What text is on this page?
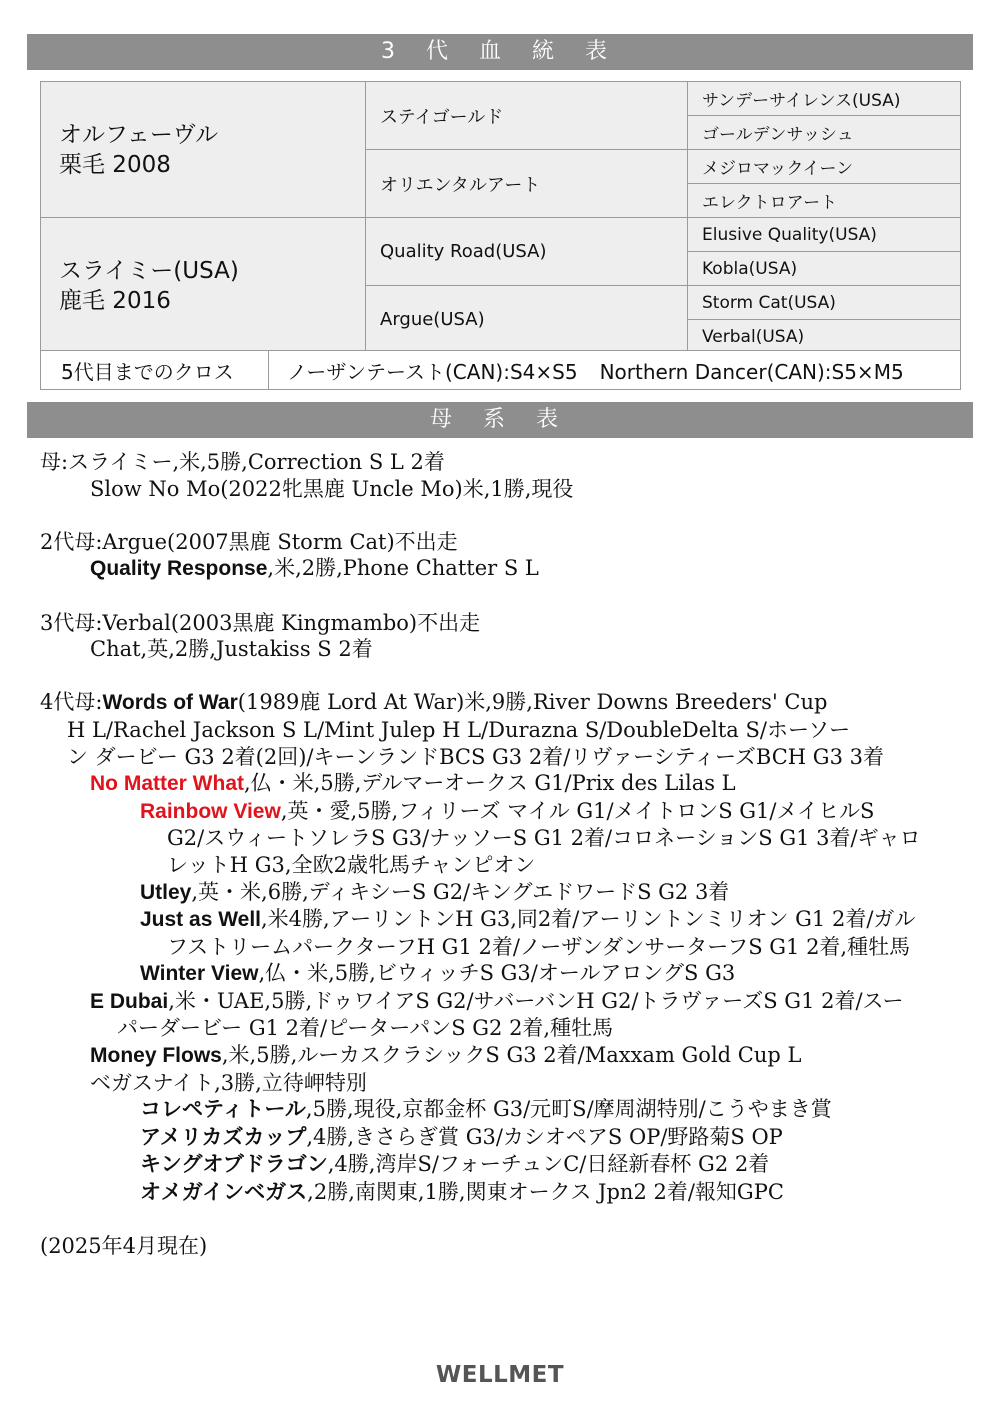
3 代 血 統 表
オルフェーヴル
栗毛 2008	ステイゴールド	サンデーサイレンス(USA)
		ゴールデンサッシュ
	オリエンタルアート	メジロマックイーン
		エレクトロアート

スライミー(USA)
鹿毛 2016	Quality Road(USA)	Elusive Quality(USA)
		Kobla(USA)
	Argue(USA)	Storm Cat(USA)
		Verbal(USA)
5代目までのクロス	ノーザンテースト(CAN):S4×S5 Northern Dancer(CAN):S5×M5
母 系 表

母:スライミー,米,5勝,Correction S L 2着

Slow No Mo(2022牝黒鹿 Uncle Mo)米,1勝,現役

2代母:Argue(2007黒鹿 Storm Cat)不出走

Quality Response,米,2勝,Phone Chatter S L

3代母:Verbal(2003黒鹿 Kingmambo)不出走

Chat,英,2勝,Justakiss S 2着

4代母:Words of War(1989鹿 Lord At War)米,9勝,River Downs Breeders' Cup

H L/Rachel Jackson S L/Mint Julep H L/Durazna S/DoubleDelta S/ホーソー

ン ダービー G3 2着(2回)/キーンランドBCS G3 2着/リヴァーシティーズBCH G3 3着

No Matter What,仏・米,5勝,デルマーオークス G1/Prix des Lilas L

Rainbow View,英・愛,5勝,フィリーズ マイル G1/メイトロンS G1/メイヒルS

G2/スウィートソレラS G3/ナッソーS G1 2着/コロネーションS G1 3着/ギャロ

レットH G3,全欧2歳牝馬チャンピオン

Utley,英・米,6勝,ディキシーS G2/キングエドワードS G2 3着

Just as Well,米4勝,アーリントンH G3,同2着/アーリントンミリオン G1 2着/ガル

フストリームパークターフH G1 2着/ノーザンダンサーターフS G1 2着,種牡馬

Winter View,仏・米,5勝,ビウィッチS G3/オールアロングS G3

E Dubai,米・UAE,5勝,ドゥワイアS G2/サバーバンH G2/トラヴァーズS G1 2着/スー

パーダービー G1 2着/ピーターパンS G2 2着,種牡馬

Money Flows,米,5勝,ルーカスクラシックS G3 2着/Maxxam Gold Cup L

ベガスナイト,3勝,立待岬特別

コレペティトール,5勝,現役,京都金杯 G3/元町S/摩周湖特別/こうやまき賞

アメリカズカップ,4勝,きさらぎ賞 G3/カシオペアS OP/野路菊S OP

キングオブドラゴン,4勝,湾岸S/フォーチュンC/日経新春杯 G2 2着

オメガインベガス,2勝,南関東,1勝,関東オークス Jpn2 2着/報知GPC

(2025年4月現在)

WELLMET
